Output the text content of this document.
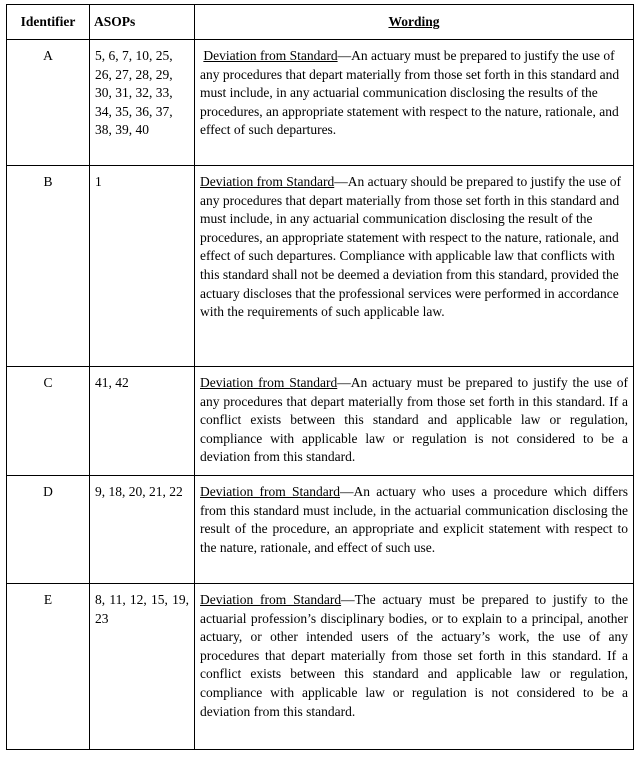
Identifier	ASOPs	Wording
A	5, 6, 7, 10, 25, 26, 27, 28, 29, 30, 31, 32, 33, 34, 35, 36, 37, 38, 39, 40	Deviation from Standard—An actuary must be prepared to justify the use of any procedures that depart materially from those set forth in this standard and must include, in any actuarial communication disclosing the results of the procedures, an appropriate statement with respect to the nature, rationale, and effect of such departures.
B	1	Deviation from Standard—An actuary should be prepared to justify the use of any procedures that depart materially from those set forth in this standard and must include, in any actuarial communication disclosing the result of the procedures, an appropriate statement with respect to the nature, rationale, and effect of such departures. Compliance with applicable law that conflicts with this standard shall not be deemed a deviation from this standard, provided the actuary discloses that the professional services were performed in accordance with the requirements of such applicable law.
C	41, 42	Deviation from Standard—An actuary must be prepared to justify the use of any procedures that depart materially from those set forth in this standard. If a conflict exists between this standard and applicable law or regulation, compliance with applicable law or regulation is not considered to be a deviation from this standard.
D	9, 18, 20, 21, 22	Deviation from Standard—An actuary who uses a procedure which differs from this standard must include, in the actuarial communication disclosing the result of the procedure, an appropriate and explicit statement with respect to the nature, rationale, and effect of such use.
E	8, 11, 12, 15, 19, 23	Deviation from Standard—The actuary must be prepared to justify to the actuarial profession’s disciplinary bodies, or to explain to a principal, another actuary, or other intended users of the actuary’s work, the use of any procedures that depart materially from those set forth in this standard. If a conflict exists between this standard and applicable law or regulation, compliance with applicable law or regulation is not considered to be a deviation from this standard.
